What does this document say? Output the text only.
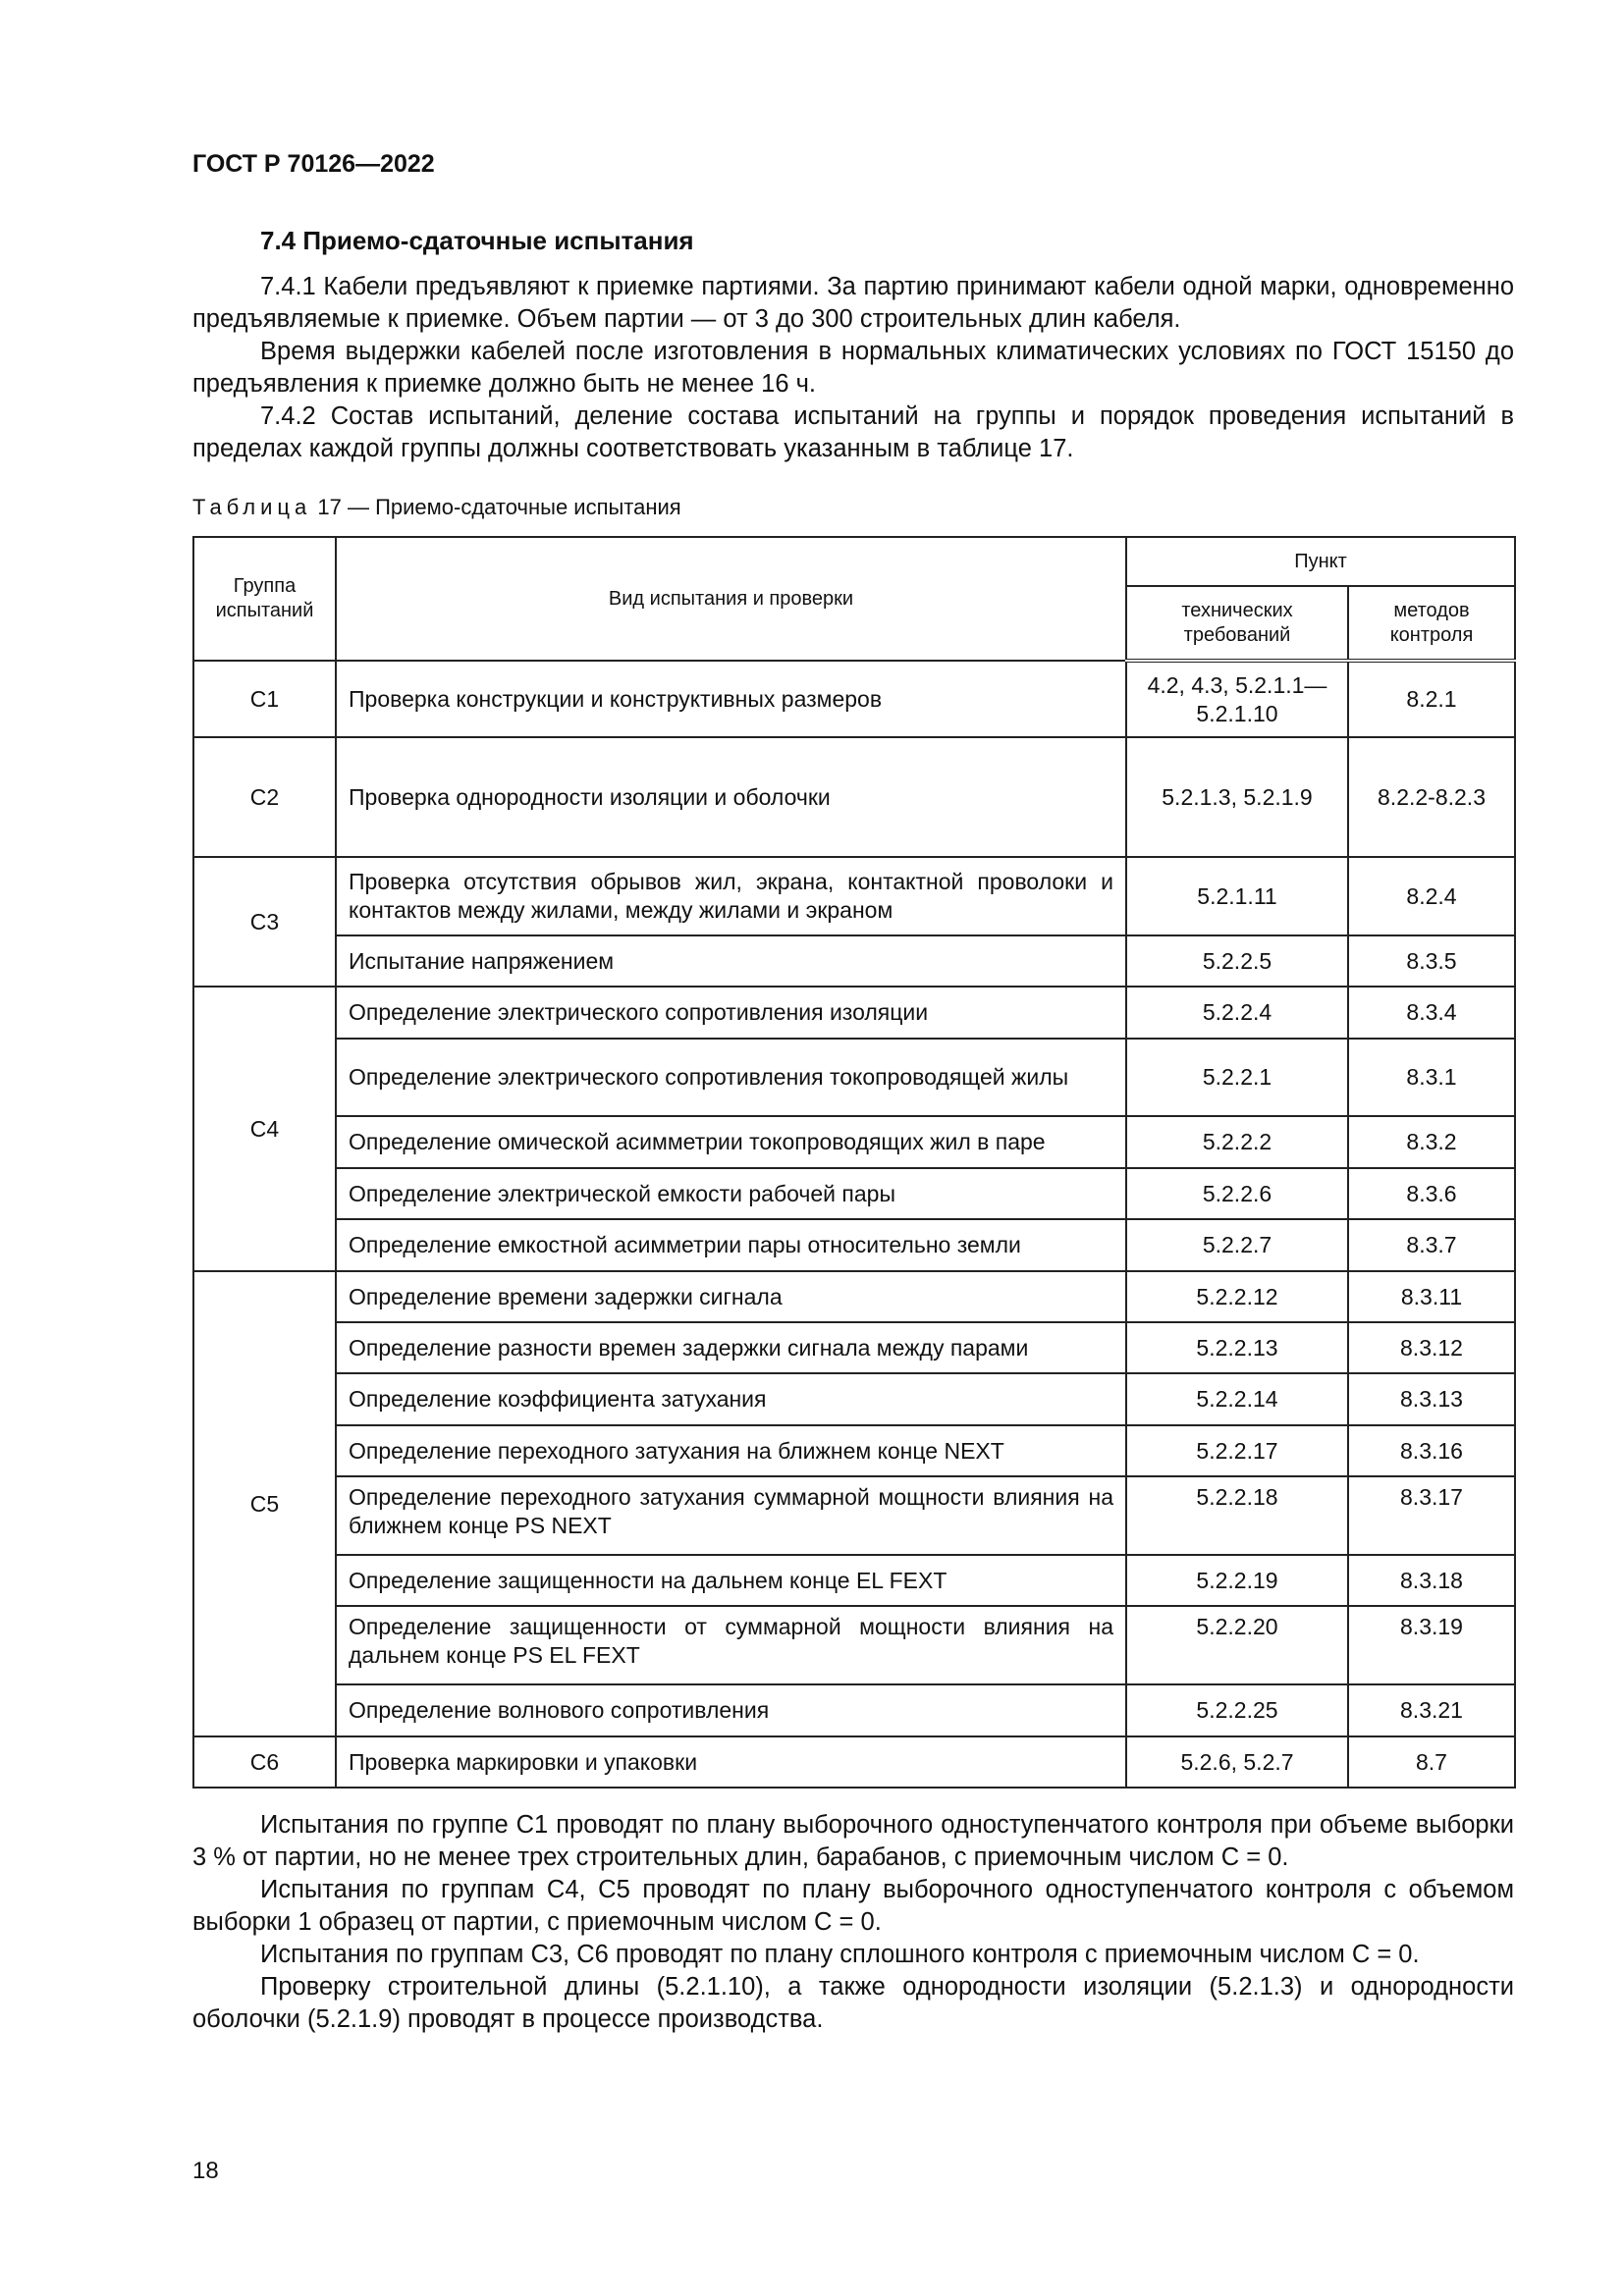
ГОСТ Р 70126—2022
7.4 Приемо-сдаточные испытания

7.4.1 Кабели предъявляют к приемке партиями. За партию принимают кабели одной марки, одновременно предъявляемые к приемке. Объем партии — от 3 до 300 строительных длин кабеля.

Время выдержки кабелей после изготовления в нормальных климатических условиях по ГОСТ 15150 до предъявления к приемке должно быть не менее 16 ч.

7.4.2 Состав испытаний, деление состава испытаний на группы и порядок проведения испытаний в пределах каждой группы должны соответствовать указанным в таблице 17.

Таблица 17 — Приемо-сдаточные испытания
Группа испытаний	Вид испытания и проверки	Пункт	
		технических требований	методов контроля
С1	Проверка конструкции и конструктивных размеров	4.2, 4.3, 5.2.1.1—5.2.1.10	8.2.1
С2	Проверка однородности изоляции и оболочки	5.2.1.3, 5.2.1.9	8.2.2-8.2.3
С3	Проверка отсутствия обрывов жил, экрана, контактной проволоки и контактов между жилами, между жилами и экраном	5.2.1.11	8.2.4
	Испытание напряжением	5.2.2.5	8.3.5
С4	Определение электрического сопротивления изоляции	5.2.2.4	8.3.4
	Определение электрического сопротивления токопроводящей жилы	5.2.2.1	8.3.1
	Определение омической асимметрии токопроводящих жил в паре	5.2.2.2	8.3.2
	Определение электрической емкости рабочей пары	5.2.2.6	8.3.6
	Определение емкостной асимметрии пары относительно земли	5.2.2.7	8.3.7
С5	Определение времени задержки сигнала	5.2.2.12	8.3.11
	Определение разности времен задержки сигнала между парами	5.2.2.13	8.3.12
	Определение коэффициента затухания	5.2.2.14	8.3.13
	Определение переходного затухания на ближнем конце NEXT	5.2.2.17	8.3.16
	Определение переходного затухания суммарной мощности влияния на ближнем конце PS NEXT	5.2.2.18	8.3.17
	Определение защищенности на дальнем конце EL FEXT	5.2.2.19	8.3.18
	Определение защищенности от суммарной мощности влияния на дальнем конце PS EL FEXT	5.2.2.20	8.3.19
	Определение волнового сопротивления	5.2.2.25	8.3.21
С6	Проверка маркировки и упаковки	5.2.6, 5.2.7	8.7

Испытания по группе С1 проводят по плану выборочного одноступенчатого контроля при объеме выборки 3 % от партии, но не менее трех строительных длин, барабанов, с приемочным числом С = 0.

Испытания по группам С4, С5 проводят по плану выборочного одноступенчатого контроля с объемом выборки 1 образец от партии, с приемочным числом С = 0.

Испытания по группам С3, С6 проводят по плану сплошного контроля с приемочным числом С = 0.

Проверку строительной длины (5.2.1.10), а также однородности изоляции (5.2.1.3) и однородности оболочки (5.2.1.9) проводят в процессе производства.

18
